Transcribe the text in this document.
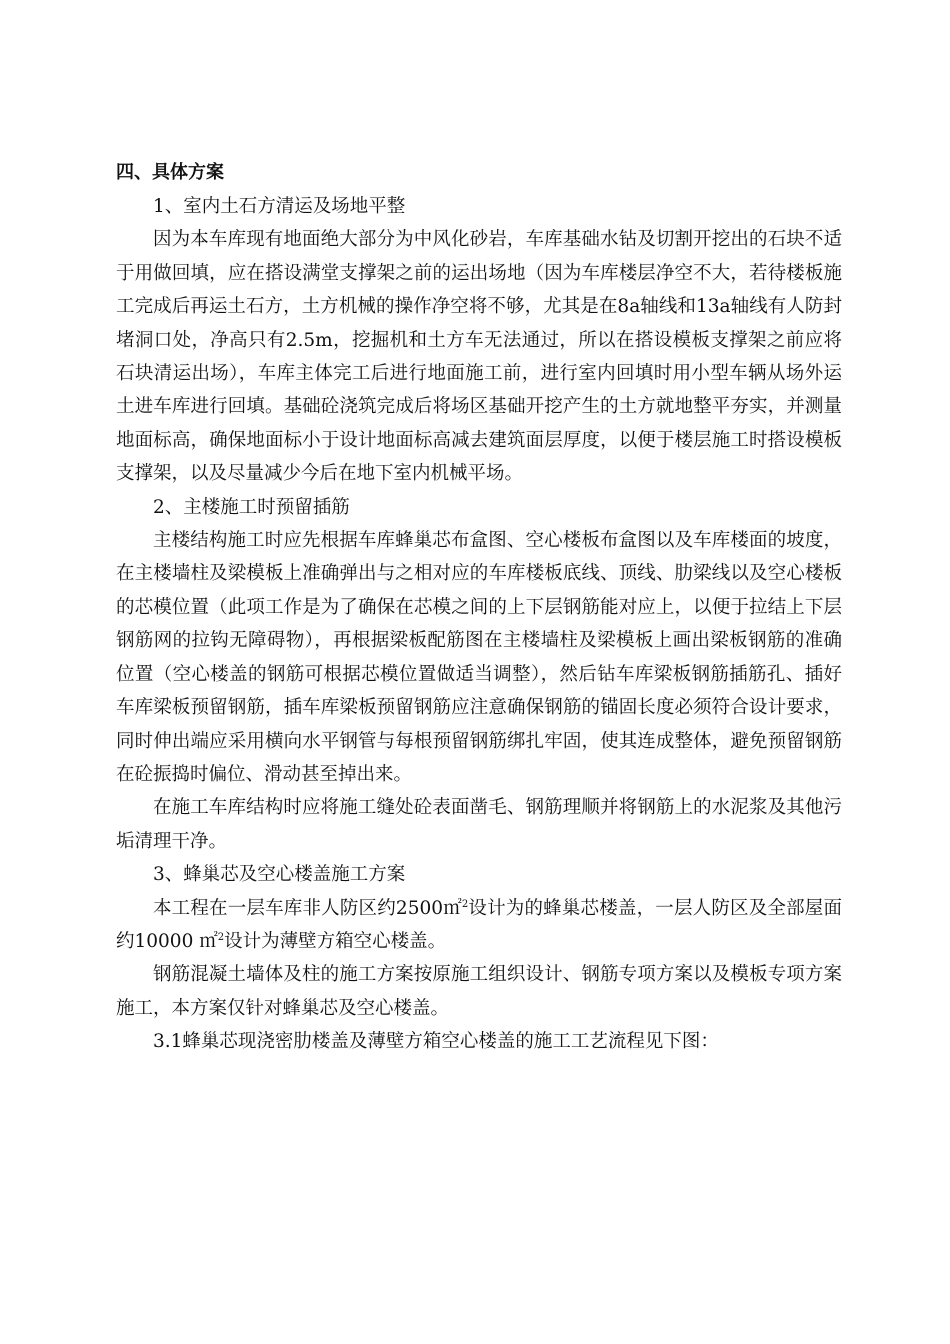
四、具体方案

1、室内土石方清运及场地平整

因为本车库现有地面绝大部分为中风化砂岩，车库基础水钻及切割开挖出的石块不适于用做回填，应在搭设满堂支撑架之前的运出场地（因为车库楼层净空不大，若待楼板施工完成后再运土石方，土方机械的操作净空将不够，尤其是在8a轴线和13a轴线有人防封堵洞口处，净高只有2.5m，挖掘机和土方车无法通过，所以在搭设模板支撑架之前应将石块清运出场），车库主体完工后进行地面施工前，进行室内回填时用小型车辆从场外运土进车库进行回填。基础砼浇筑完成后将场区基础开挖产生的土方就地整平夯实，并测量地面标高，确保地面标小于设计地面标高减去建筑面层厚度，以便于楼层施工时搭设模板支撑架，以及尽量减少今后在地下室内机械平场。

2、主楼施工时预留插筋

主楼结构施工时应先根据车库蜂巢芯布盒图、空心楼板布盒图以及车库楼面的坡度，在主楼墙柱及梁模板上准确弹出与之相对应的车库楼板底线、顶线、肋梁线以及空心楼板的芯模位置（此项工作是为了确保在芯模之间的上下层钢筋能对应上，以便于拉结上下层钢筋网的拉钩无障碍物），再根据梁板配筋图在主楼墙柱及梁模板上画出梁板钢筋的准确位置（空心楼盖的钢筋可根据芯模位置做适当调整），然后钻车库梁板钢筋插筋孔、插好车库梁板预留钢筋，插车库梁板预留钢筋应注意确保钢筋的锚固长度必须符合设计要求，同时伸出端应采用横向水平钢管与每根预留钢筋绑扎牢固，使其连成整体，避免预留钢筋在砼振捣时偏位、滑动甚至掉出来。

在施工车库结构时应将施工缝处砼表面凿毛、钢筋理顺并将钢筋上的水泥浆及其他污垢清理干净。

3、蜂巢芯及空心楼盖施工方案

本工程在一层车库非人防区约2500㎡$^2$设计为的蜂巢芯楼盖，一层人防区及全部屋面约10000 ㎡$^2$设计为薄壁方箱空心楼盖。

钢筋混凝土墙体及柱的施工方案按原施工组织设计、钢筋专项方案以及模板专项方案施工，本方案仅针对蜂巢芯及空心楼盖。

3.1蜂巢芯现浇密肋楼盖及薄壁方箱空心楼盖的施工工艺流程见下图：
